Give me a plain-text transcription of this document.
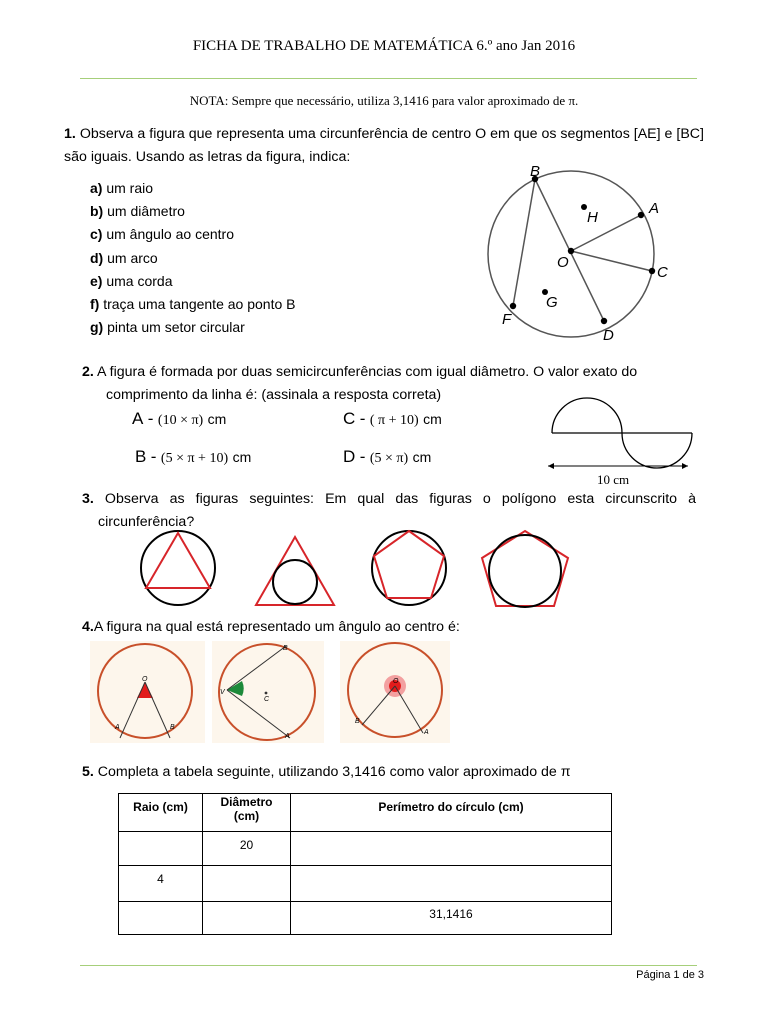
FICHA DE TRABALHO DE MATEMÁTICA 6.º ano Jan 2016
NOTA: Sempre que necessário, utiliza 3,1416 para valor aproximado de π.
1. Observa a figura que representa uma circunferência de centro O em que os segmentos [AE] e [BC] são iguais. Usando as letras da figura, indica:
a) um raio
b) um diâmetro
c) um ângulo ao centro
d) um arco
e) uma corda
f) traça uma tangente ao ponto B
g) pinta um setor circular
B
H
A
O
C
G
F
D
2. A figura é formada por duas semicircunferências com igual diâmetro. O valor exato do
comprimento da linha é: (assinala a resposta correta)
A - (10 × π) cm	C - ( π + 10) cm
B - (5 × π + 10) cm	D - (5 × π) cm
10 cm
3. Observa as figuras seguintes: Em qual das figuras o polígono esta circunscrito à
circunferência?
4.A figura na qual está representado um ângulo ao centro é:
O
A	B
B
V
C
A
O
B
A
5. Completa a tabela seguinte, utilizando 3,1416 como valor aproximado de π
Raio (cm)	Diâmetro (cm)	Perímetro do círculo (cm)
	20	
4		
		31,1416
Página 1 de 3
